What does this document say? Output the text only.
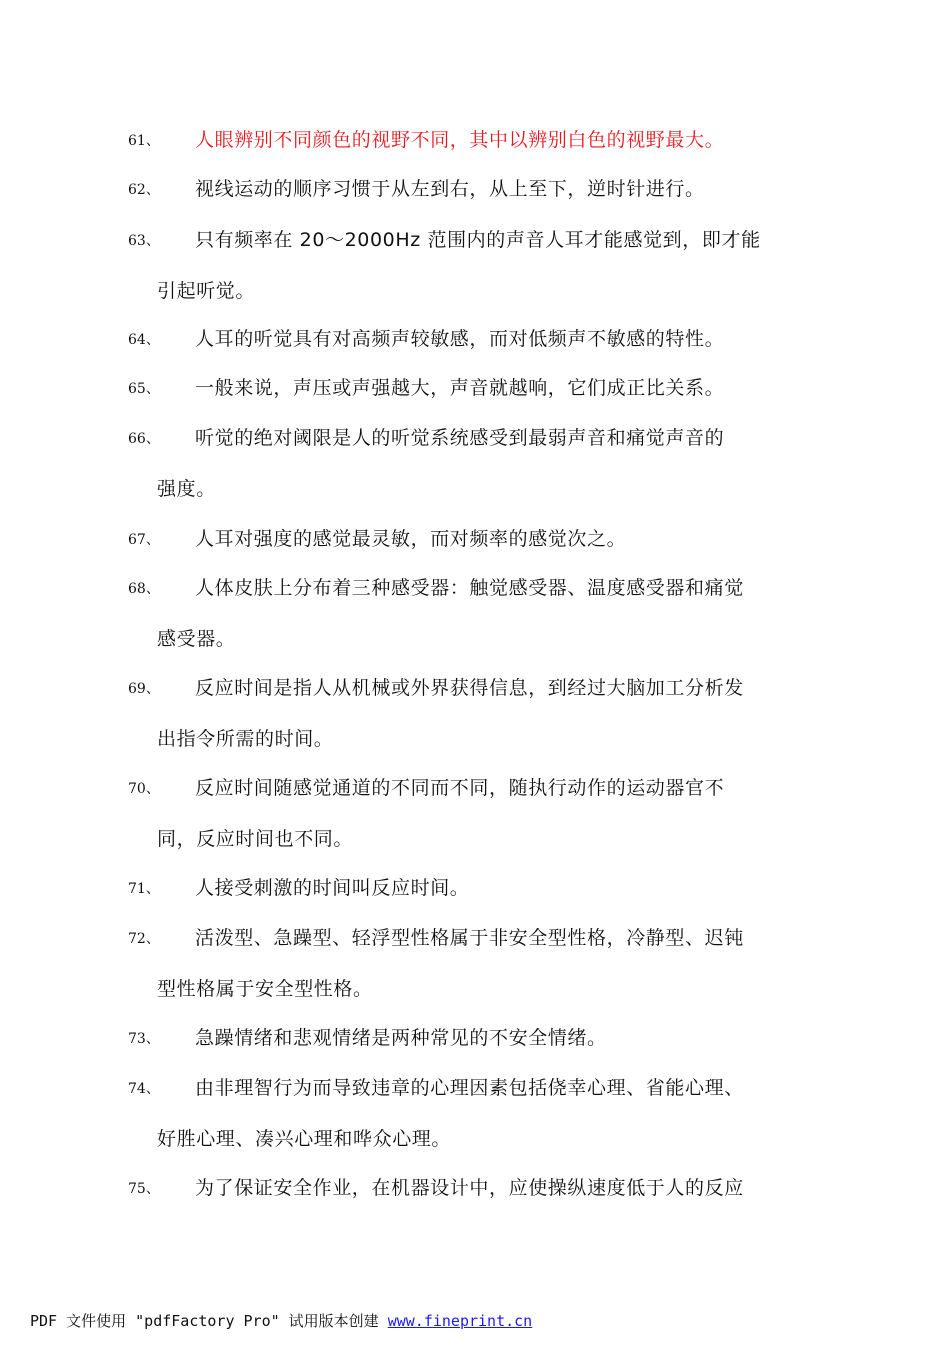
61、 人眼辨别不同颜色的视野不同，其中以辨别白色的视野最大。
62、 视线运动的顺序习惯于从左到右，从上至下，逆时针进行。
63、 只有频率在 20～2000Hz 范围内的声音人耳才能感觉到，即才能
引起听觉。
64、 人耳的听觉具有对高频声较敏感，而对低频声不敏感的特性。
65、 一般来说，声压或声强越大，声音就越响，它们成正比关系。
66、 听觉的绝对阈限是人的听觉系统感受到最弱声音和痛觉声音的
强度。
67、 人耳对强度的感觉最灵敏，而对频率的感觉次之。
68、 人体皮肤上分布着三种感受器：触觉感受器、温度感受器和痛觉
感受器。
69、 反应时间是指人从机械或外界获得信息，到经过大脑加工分析发
出指令所需的时间。
70、 反应时间随感觉通道的不同而不同，随执行动作的运动器官不
同，反应时间也不同。
71、 人接受刺激的时间叫反应时间。
72、 活泼型、急躁型、轻浮型性格属于非安全型性格，冷静型、迟钝
型性格属于安全型性格。
73、 急躁情绪和悲观情绪是两种常见的不安全情绪。
74、 由非理智行为而导致违章的心理因素包括侥幸心理、省能心理、
好胜心理、凑兴心理和哗众心理。
75、 为了保证安全作业，在机器设计中，应使操纵速度低于人的反应
PDF 文件使用 "pdfFactory Pro" 试用版本创建 www.fineprint.cn
